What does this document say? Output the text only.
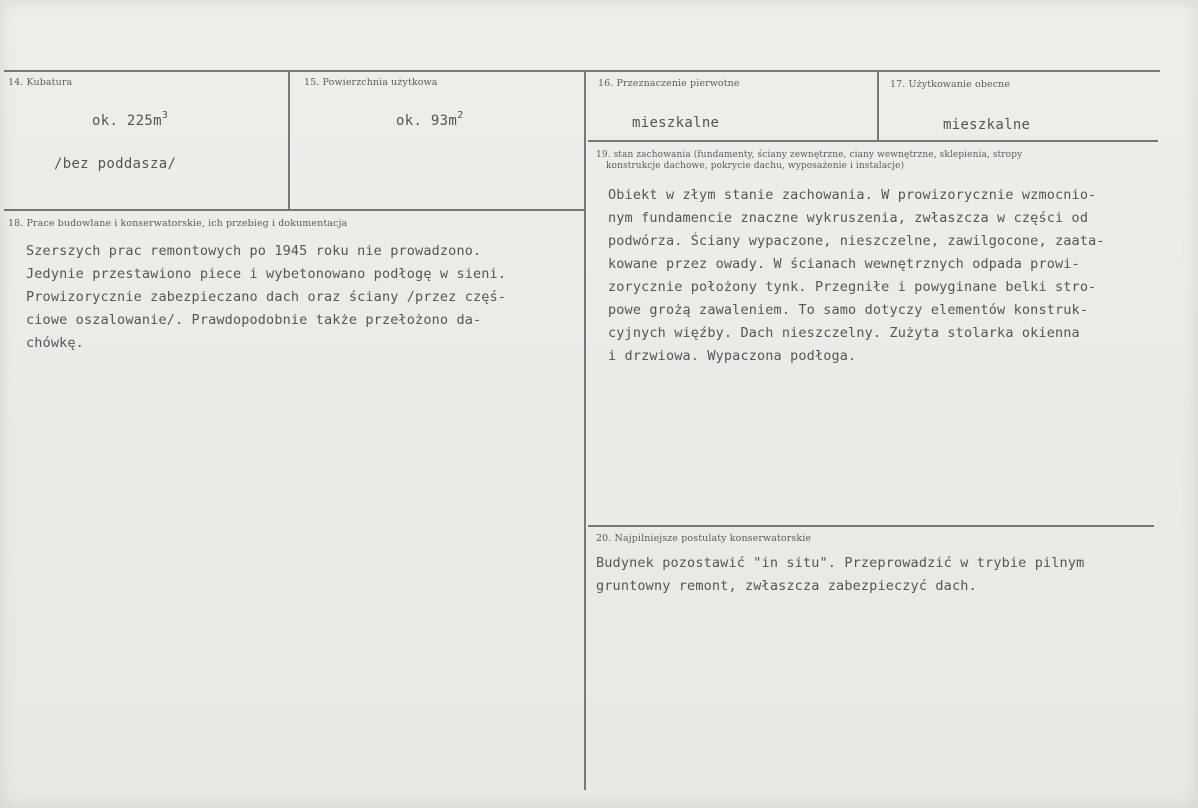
14. Kubatura
ok. $225m^3$
/bez poddasza/
15. Powierzchnia użytkowa
ok. $93m^2$
16. Przeznaczenie pierwotne
mieszkalne
17. Użytkowanie obecne
mieszkalne
18. Prace budowlane i konserwatorskie, ich przebieg i dokumentacja
Szerszych prac remontowych po 1945 roku nie prowadzono.
Jedynie przestawiono piece i wybetonowano podłogę w sieni.
Prowizorycznie zabezpieczano dach oraz ściany /przez częś-
ciowe oszalowanie/. Prawdopodobnie także przełożono da-
chówkę.
19. stan zachowania (fundamenty, ściany zewnętrzne, ciany wewnętrzne, sklepienia, stropy
konstrukcje dachowe, pokrycie dachu, wyposażenie i instalacje)
Obiekt w złym stanie zachowania. W prowizorycznie wzmocnio-
nym fundamencie znaczne wykruszenia, zwłaszcza w części od
podwórza. Ściany wypaczone, nieszczelne, zawilgocone, zaata-
kowane przez owady. W ścianach wewnętrznych odpada prowi-
zorycznie położony tynk. Przegniłe i powyginane belki stro-
powe grożą zawaleniem. To samo dotyczy elementów konstruk-
cyjnych więźby. Dach nieszczelny. Zużyta stolarka okienna
i drzwiowa. Wypaczona podłoga.
20. Najpilniejsze postulaty konserwatorskie
Budynek pozostawić "in situ". Przeprowadzić w trybie pilnym
gruntowny remont, zwłaszcza zabezpieczyć dach.
